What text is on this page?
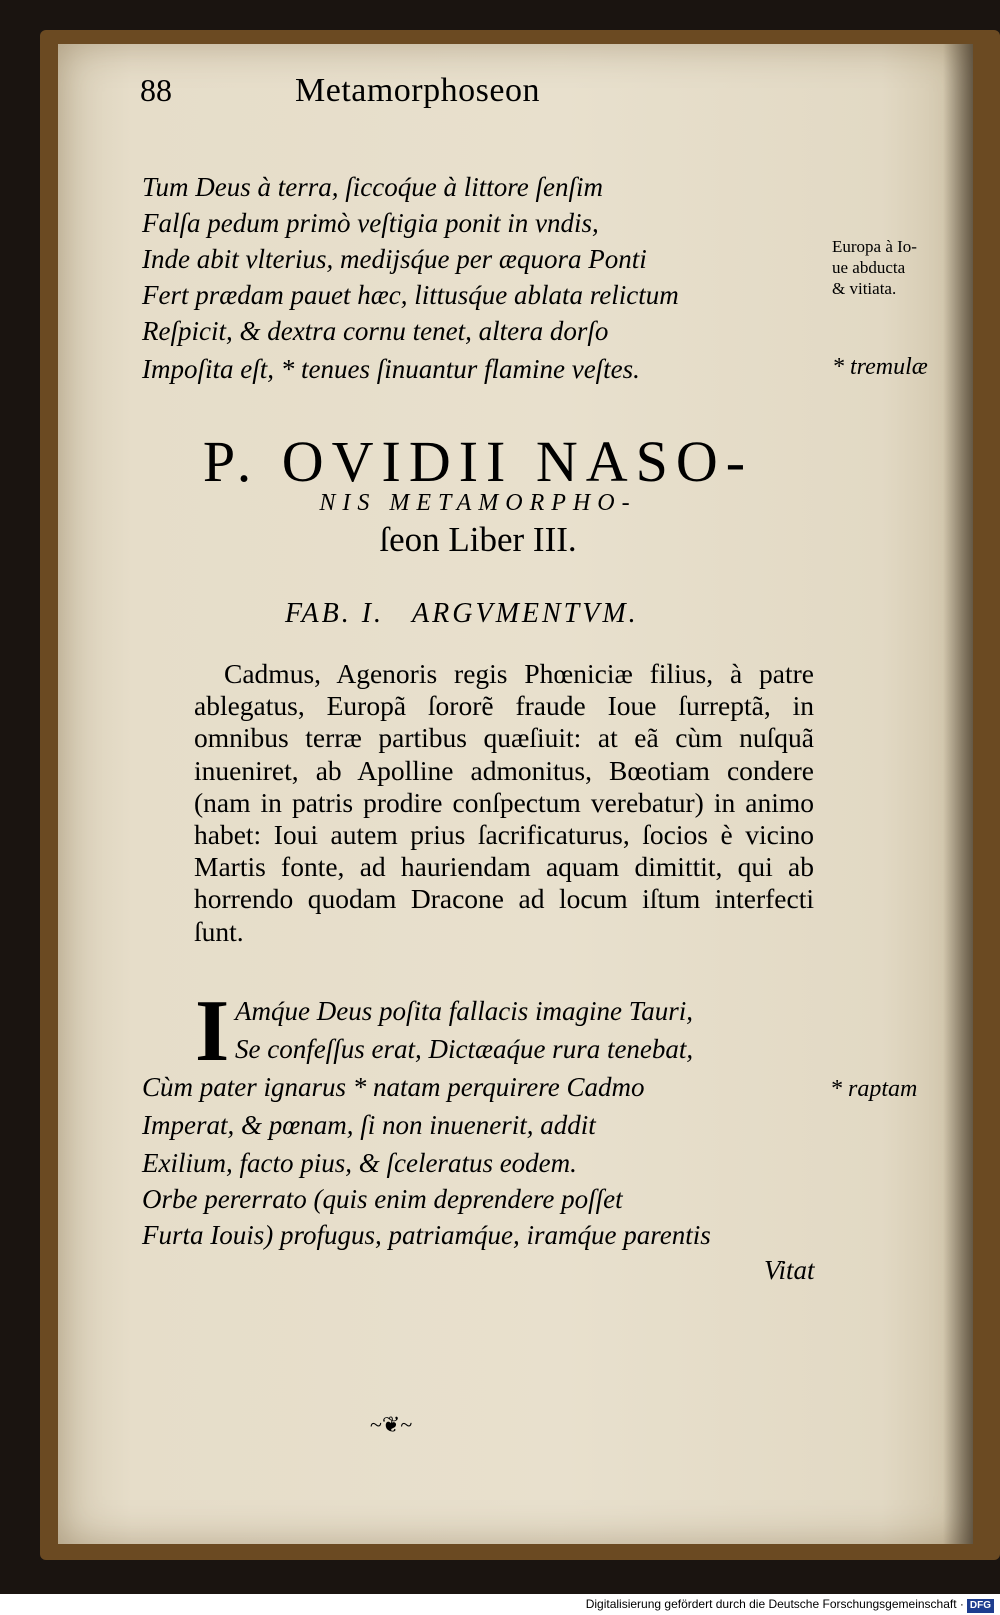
88	Metamorphoseon
Tum Deus à terra, ſiccoq́ue à littore ſenſim
Falſa pedum primò veſtigia ponit in vndis,
Inde abit vlterius, medijsq́ue per æquora Ponti
Fert prædam pauet hæc, littusq́ue ablata relictum
Reſpicit, & dextra cornu tenet, altera dorſo
Impoſita eſt, * tenues ſinuantur flamine veſtes.
Europa à Io-
ue abducta
& vitiata.
* tremulæ
P. OVIDII NASO-
NIS METAMORPHO-
ſeon Liber III.
FAB. I. ARGVMENTVM.
Cadmus, Agenoris regis Phœniciæ filius, à patre ablegatus, Europã ſororẽ fraude Ioue ſurreptã, in omnibus terræ partibus quæſiuit: at eã cùm nuſquã inueniret, ab Apolline admonitus, Bœotiam condere (nam in patris prodire conſpectum verebatur) in animo habet: Ioui autem prius ſacrificaturus, ſocios è vicino Martis fonte, ad hauriendam aquam dimittit, qui ab horrendo quodam Dracone ad locum iſtum interfecti ſunt.
I Amq́ue Deus poſita fallacis imagine Tauri,
Se confeſſus erat, Dictæaq́ue rura tenebat,
Cùm pater ignarus * natam perquirere Cadmo
Imperat, & pœnam, ſi non inuenerit, addit
Exilium, facto pius, & ſceleratus eodem.
Orbe pererrato (quis enim deprendere poſſet
Furta Iouis) profugus, patriamq́ue, iramq́ue parentis
* raptam
Vitat
~❦~
Digitalisierung gefördert durch die Deutsche Forschungsgemeinschaft · DFG
